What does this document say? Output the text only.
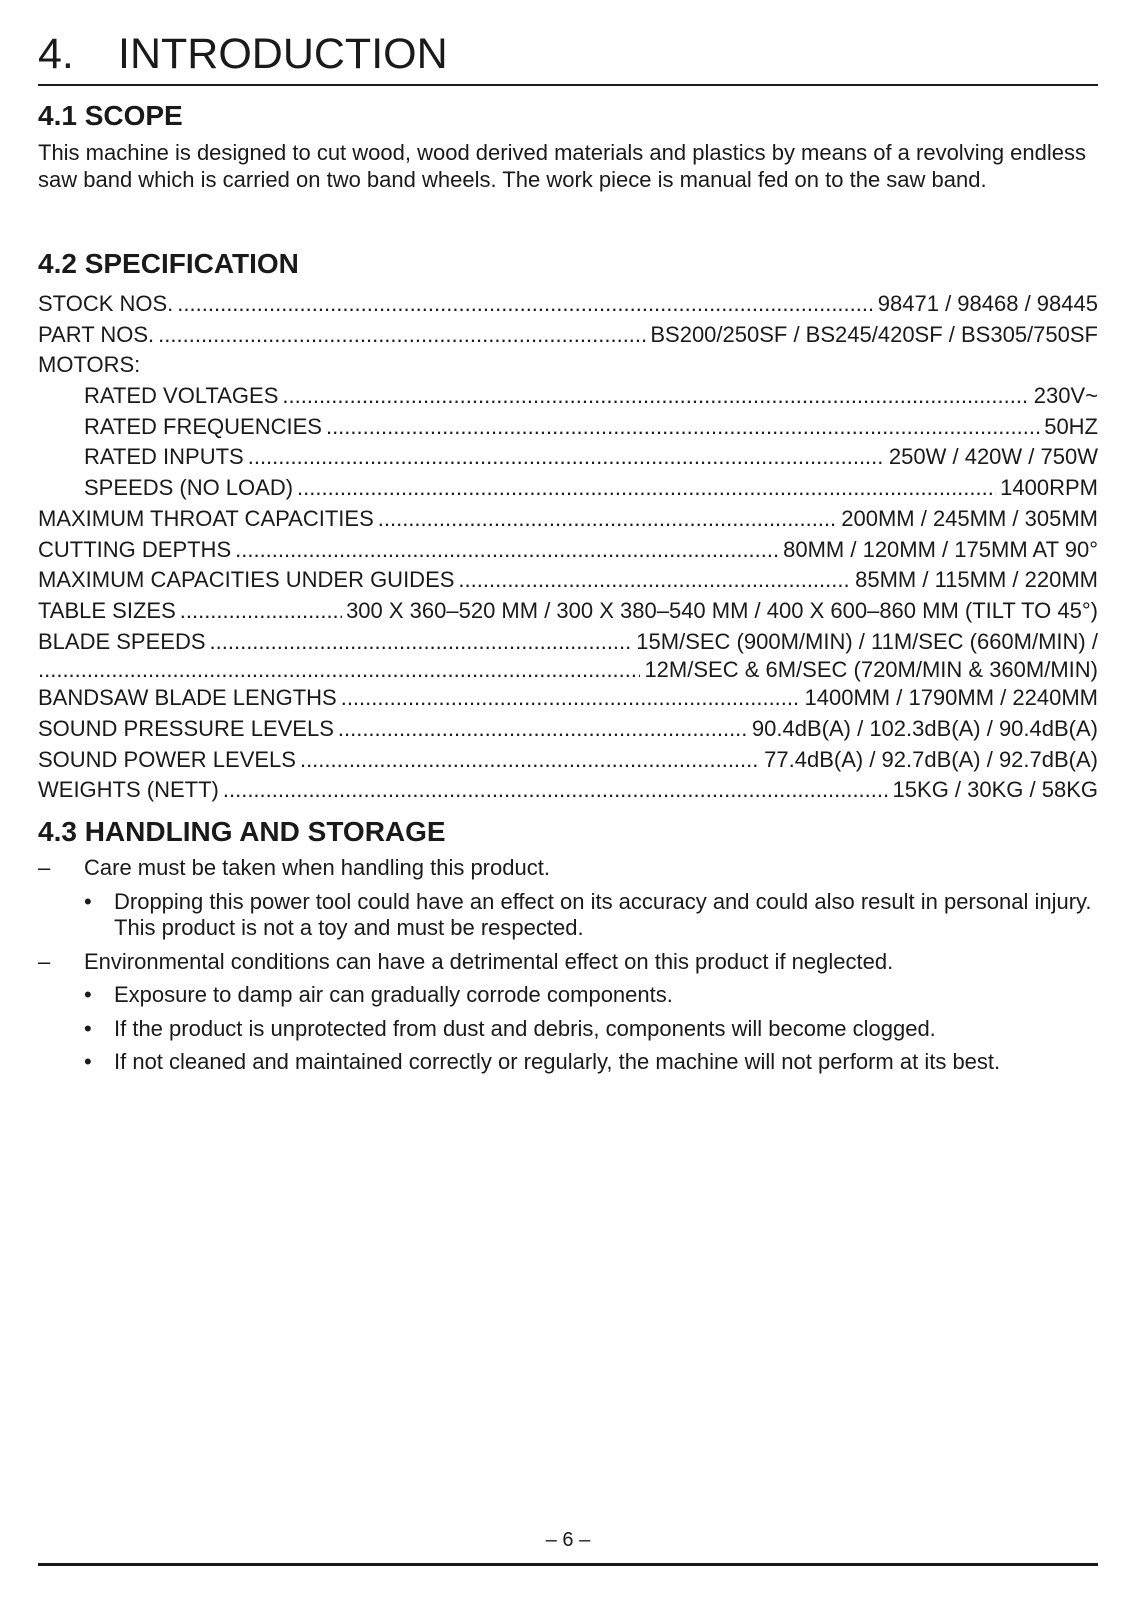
4. INTRODUCTION
4.1 SCOPE
This machine is designed to cut wood, wood derived materials and plastics by means of a revolving endless saw band which is carried on two band wheels. The work piece is manual fed on to the saw band.
4.2 SPECIFICATION
STOCK NOS. .....	98471 / 98468 / 98445
PART NOS. .....	BS200/250SF / BS245/420SF / BS305/750SF
MOTORS:
RATED VOLTAGES .....	230V~
RATED FREQUENCIES .....	50HZ
RATED INPUTS .....	250W / 420W / 750W
SPEEDS (NO LOAD) .....	1400RPM
MAXIMUM THROAT CAPACITIES .....	200MM / 245MM / 305MM
CUTTING DEPTHS .....	80MM / 120MM / 175MM AT 90°
MAXIMUM CAPACITIES UNDER GUIDES .....	85MM / 115MM / 220MM
TABLE SIZES .....	300 X 360–520 MM / 300 X 380–540 MM / 400 X 600–860 MM (TILT TO 45°)
BLADE SPEEDS .....	15M/SEC (900M/MIN) / 11M/SEC (660M/MIN) /
.....
12M/SEC & 6M/SEC (720M/MIN & 360M/MIN)
BANDSAW BLADE LENGTHS .....	1400MM / 1790MM / 2240MM
SOUND PRESSURE LEVELS .....	90.4dB(A) / 102.3dB(A) / 90.4dB(A)
SOUND POWER LEVELS .....	77.4dB(A) / 92.7dB(A) / 92.7dB(A)
WEIGHTS (NETT) .....	15KG / 30KG / 58KG
4.3 HANDLING AND STORAGE
–	Care must be taken when handling this product.
•	Dropping this power tool could have an effect on its accuracy and could also result in personal injury. This product is not a toy and must be respected.
–	Environmental conditions can have a detrimental effect on this product if neglected.
•	Exposure to damp air can gradually corrode components.
•	If the product is unprotected from dust and debris, components will become clogged.
•	If not cleaned and maintained correctly or regularly, the machine will not perform at its best.
– 6 –
